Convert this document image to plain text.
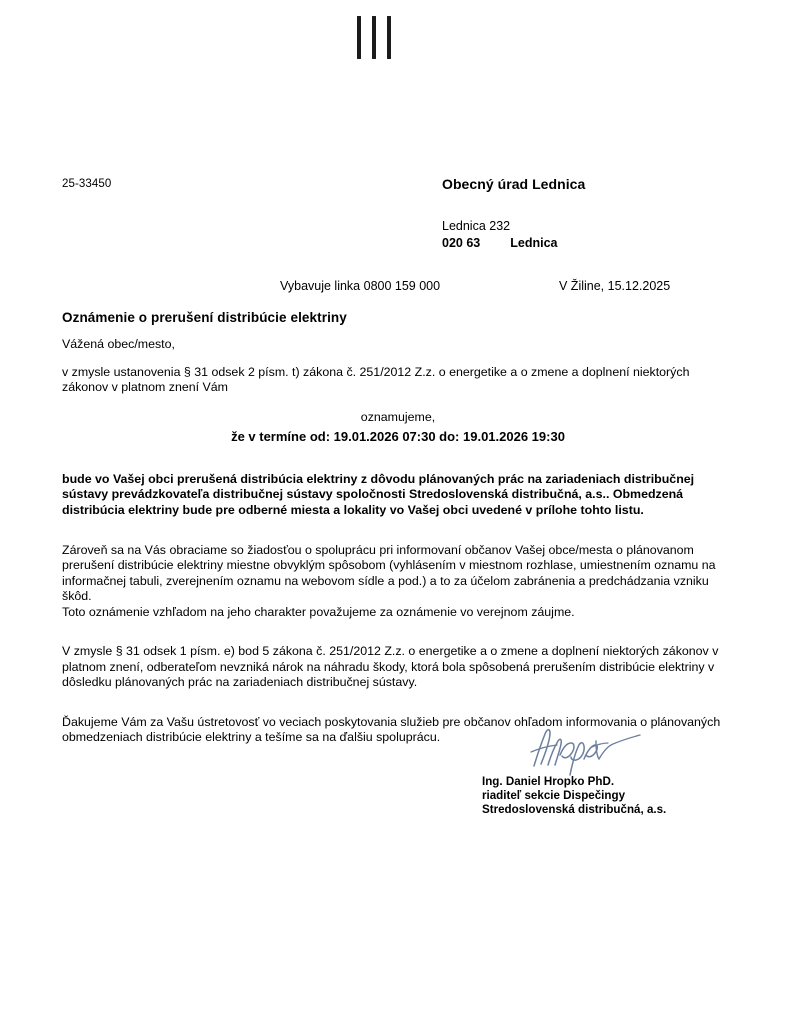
25-33450	Obecný úrad Lednica
Lednica 232
020 63 Lednica
Vybavuje linka 0800 159 000	V Žiline, 15.12.2025
Oznámenie o prerušení distribúcie elektriny

Vážená obec/mesto,

v zmysle ustanovenia § 31 odsek 2 písm. t) zákona č. 251/2012 Z.z. o energetike a o zmene a doplnení niektorých zákonov v platnom znení Vám

oznamujeme,

že v termíne od: 19.01.2026 07:30 do: 19.01.2026 19:30

bude vo Vašej obci prerušená distribúcia elektriny z dôvodu plánovaných prác na zariadeniach distribučnej sústavy prevádzkovateľa distribučnej sústavy spoločnosti Stredoslovenská distribučná, a.s.. Obmedzená distribúcia elektriny bude pre odberné miesta a lokality vo Vašej obci uvedené v prílohe tohto listu.

Zároveň sa na Vás obraciame so žiadosťou o spoluprácu pri informovaní občanov Vašej obce/mesta o plánovanom prerušení distribúcie elektriny miestne obvyklým spôsobom (vyhlásením v miestnom rozhlase, umiestnením oznamu na informačnej tabuli, zverejnením oznamu na webovom sídle a pod.) a to za účelom zabránenia a predchádzania vzniku škôd.

Toto oznámenie vzhľadom na jeho charakter považujeme za oznámenie vo verejnom záujme.

V zmysle § 31 odsek 1 písm. e) bod 5 zákona č. 251/2012 Z.z. o energetike a o zmene a doplnení niektorých zákonov v platnom znení, odberateľom nevzniká nárok na náhradu škody, ktorá bola spôsobená prerušením distribúcie elektriny v dôsledku plánovaných prác na zariadeniach distribučnej sústavy.

Ďakujeme Vám za Vašu ústretovosť vo veciach poskytovania služieb pre občanov ohľadom informovania o plánovaných obmedzeniach distribúcie elektriny a tešíme sa na ďalšiu spoluprácu.

Ing. Daniel Hropko PhD.
riaditeľ sekcie Dispečingy
Stredoslovenská distribučná, a.s.
